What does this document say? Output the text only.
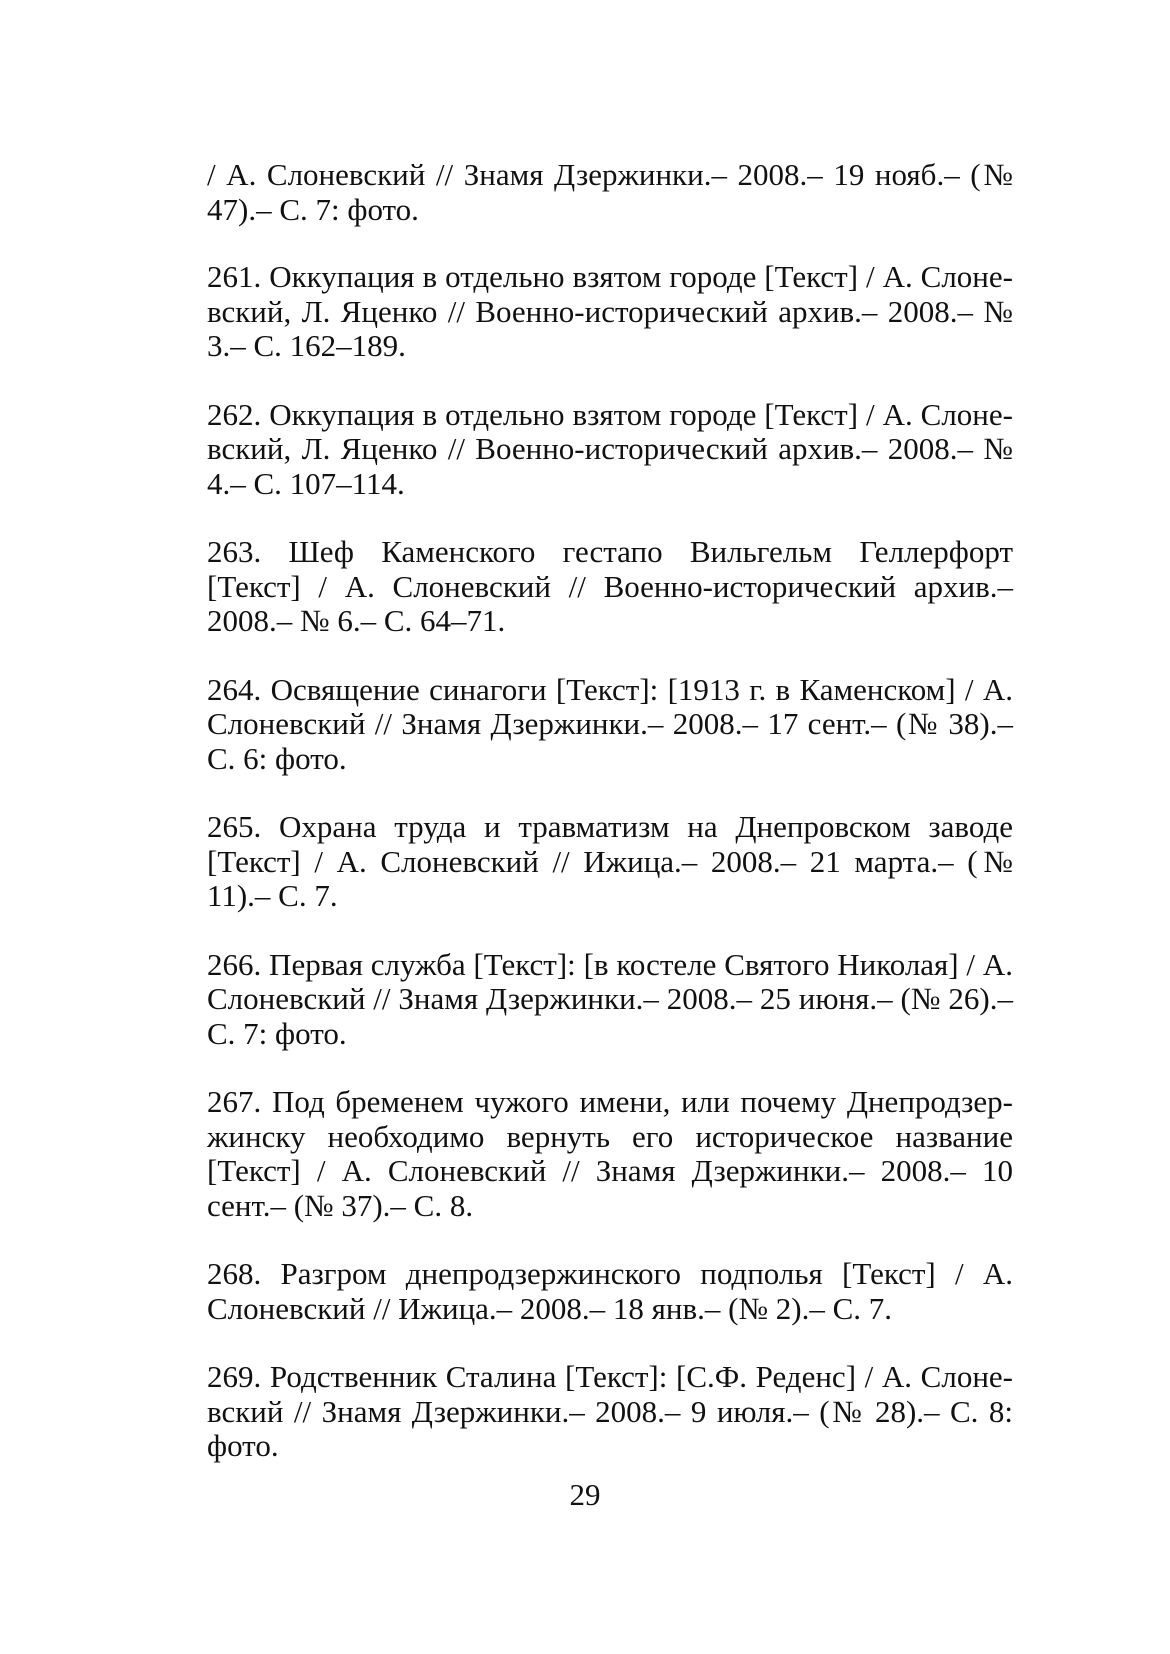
/ А. Слоневский // Знамя Дзержинки.– 2008.– 19 нояб.– (№ 47).– С. 7: фото.

261. Оккупация в отдельно взятом городе [Текст] / А. Слоневский, Л. Яценко // Военно-исторический архив.– 2008.– № 3.– С. 162–189.

262. Оккупация в отдельно взятом городе [Текст] / А. Слоневский, Л. Яценко // Военно-исторический архив.– 2008.– № 4.– С. 107–114.

263. Шеф Каменского гестапо Вильгельм Геллерфорт [Текст] / А. Слоневский // Военно-исторический архив.– 2008.– № 6.– С. 64–71.

264. Освящение синагоги [Текст]: [1913 г. в Каменском] / А. Слоневский // Знамя Дзержинки.– 2008.– 17 сент.– (№ 38).– С. 6: фото.

265. Охрана труда и травматизм на Днепровском заводе [Текст] / А. Слоневский // Ижица.– 2008.– 21 марта.– (№ 11).– С. 7.

266. Первая служба [Текст]: [в костеле Святого Николая] / А. Слоневский // Знамя Дзержинки.– 2008.– 25 июня.– (№ 26).– С. 7: фото.

267. Под бременем чужого имени, или почему Днепродзержинску необходимо вернуть его историческое название [Текст] / А. Слоневский // Знамя Дзержинки.– 2008.– 10 сент.– (№ 37).– С. 8.

268. Разгром днепродзержинского подполья [Текст] / А. Слоневский // Ижица.– 2008.– 18 янв.– (№ 2).– С. 7.

269. Родственник Сталина [Текст]: [С.Ф. Реденс] / А. Слоневский // Знамя Дзержинки.– 2008.– 9 июля.– (№ 28).– С. 8: фото.

29
